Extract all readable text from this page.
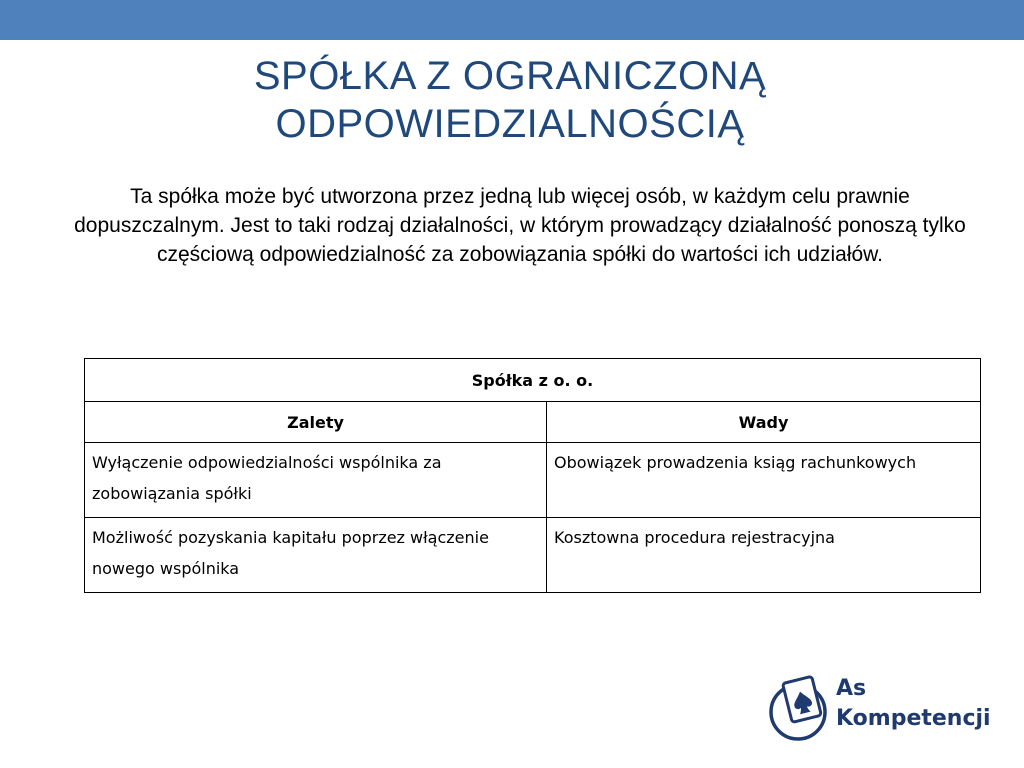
SPÓŁKA Z OGRANICZONĄ
ODPOWIEDZIALNOŚCIĄ
Ta spółka może być utworzona przez jedną lub więcej osób, w każdym celu prawnie dopuszczalnym. Jest to taki rodzaj działalności, w którym prowadzący działalność ponoszą tylko częściową odpowiedzialność za zobowiązania spółki do wartości ich udziałów.
Spółka z o. o.	
Zalety	Wady
Wyłączenie odpowiedzialności wspólnika za zobowiązania spółki	Obowiązek prowadzenia ksiąg rachunkowych
Możliwość pozyskania kapitału poprzez włączenie nowego wspólnika	Kosztowna procedura rejestracyjna
As
Kompetencji
